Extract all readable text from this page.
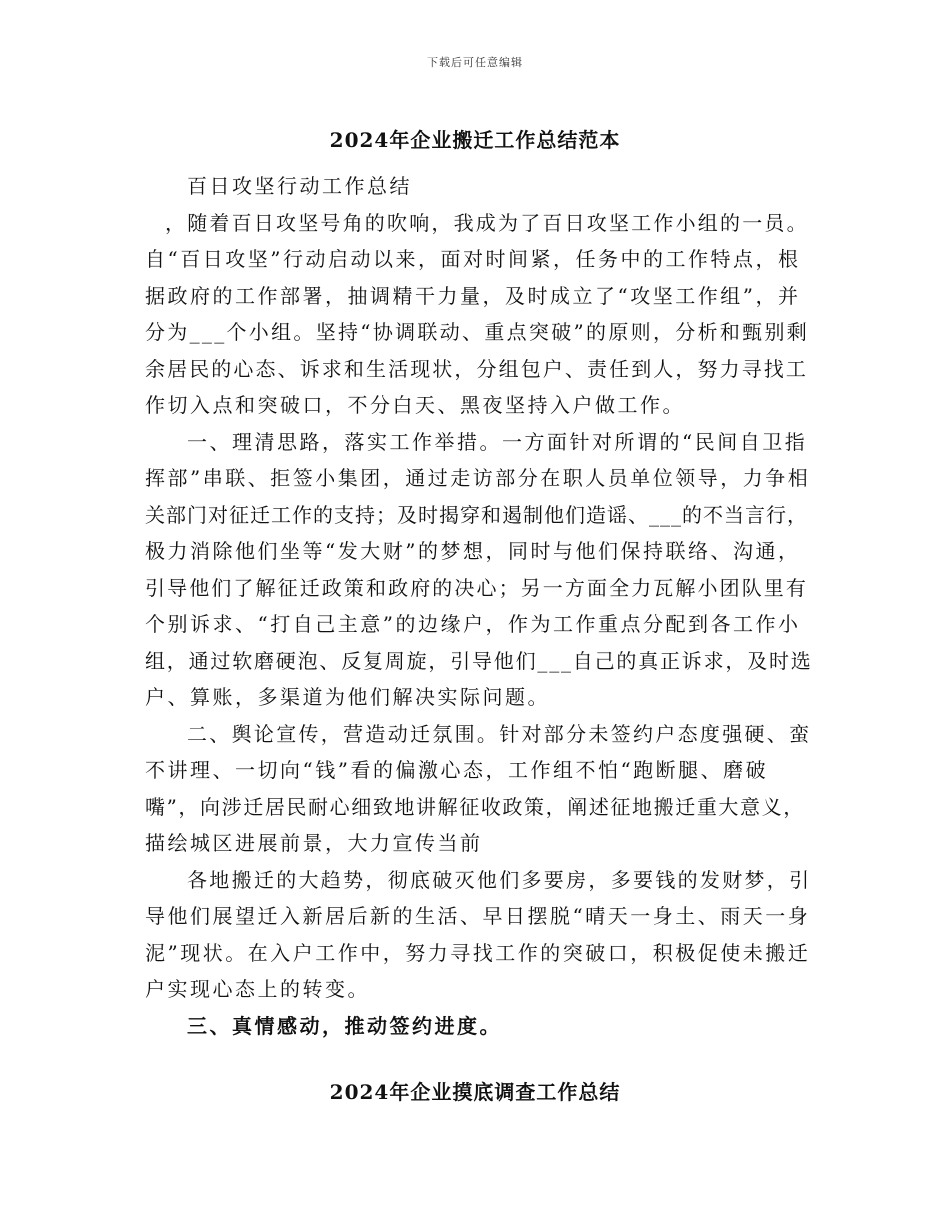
下载后可任意编辑
2024年企业搬迁工作总结范本
百日攻坚行动工作总结
，随着百日攻坚号角的吹响，我成为了百日攻坚工作小组的一员。
自“百日攻坚”行动启动以来，面对时间紧，任务中的工作特点，根
据政府的工作部署，抽调精干力量，及时成立了“攻坚工作组”，并
分为___个小组。坚持“协调联动、重点突破”的原则，分析和甄别剩
余居民的心态、诉求和生活现状，分组包户、责任到人，努力寻找工
作切入点和突破口，不分白天、黑夜坚持入户做工作。
一、理清思路，落实工作举措。一方面针对所谓的“民间自卫指
挥部”串联、拒签小集团，通过走访部分在职人员单位领导，力争相
关部门对征迁工作的支持；及时揭穿和遏制他们造谣、___的不当言行，
极力消除他们坐等“发大财”的梦想，同时与他们保持联络、沟通，
引导他们了解征迁政策和政府的决心；另一方面全力瓦解小团队里有
个别诉求、“打自己主意”的边缘户，作为工作重点分配到各工作小
组，通过软磨硬泡、反复周旋，引导他们___自己的真正诉求，及时选
户、算账，多渠道为他们解决实际问题。
二、舆论宣传，营造动迁氛围。针对部分未签约户态度强硬、蛮
不讲理、一切向“钱”看的偏激心态，工作组不怕“跑断腿、磨破
嘴”，向涉迁居民耐心细致地讲解征收政策，阐述征地搬迁重大意义，
描绘城区进展前景，大力宣传当前
各地搬迁的大趋势，彻底破灭他们多要房，多要钱的发财梦，引
导他们展望迁入新居后新的生活、早日摆脱“晴天一身土、雨天一身
泥”现状。在入户工作中，努力寻找工作的突破口，积极促使未搬迁
户实现心态上的转变。
三、真情感动，推动签约进度。
2024年企业摸底调查工作总结
